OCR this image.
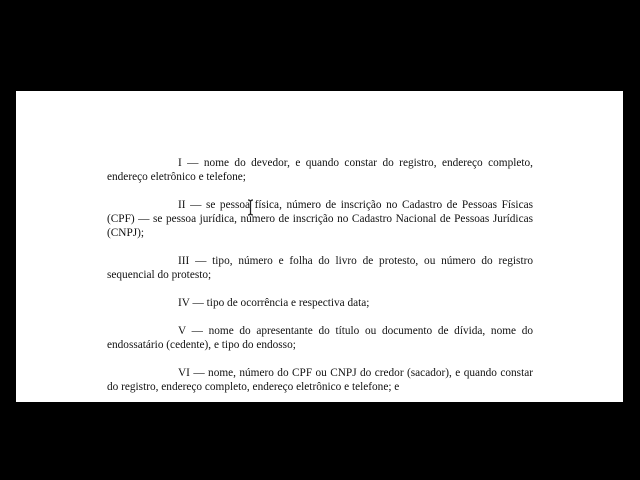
I — nome do devedor, e quando constar do registro, endereço completo, endereço eletrônico e telefone;

II — se pessoa física, número de inscrição no Cadastro de Pessoas Físicas (CPF) — se pessoa jurídica, número de inscrição no Cadastro Nacional de Pessoas Jurídicas (CNPJ);

III — tipo, número e folha do livro de protesto, ou número do registro sequencial do protesto;

IV — tipo de ocorrência e respectiva data;

V — nome do apresentante do título ou documento de dívida, nome do endossatário (cedente), e tipo do endosso;

VI — nome, número do CPF ou CNPJ do credor (sacador), e quando constar do registro, endereço completo, endereço eletrônico e telefone; e
